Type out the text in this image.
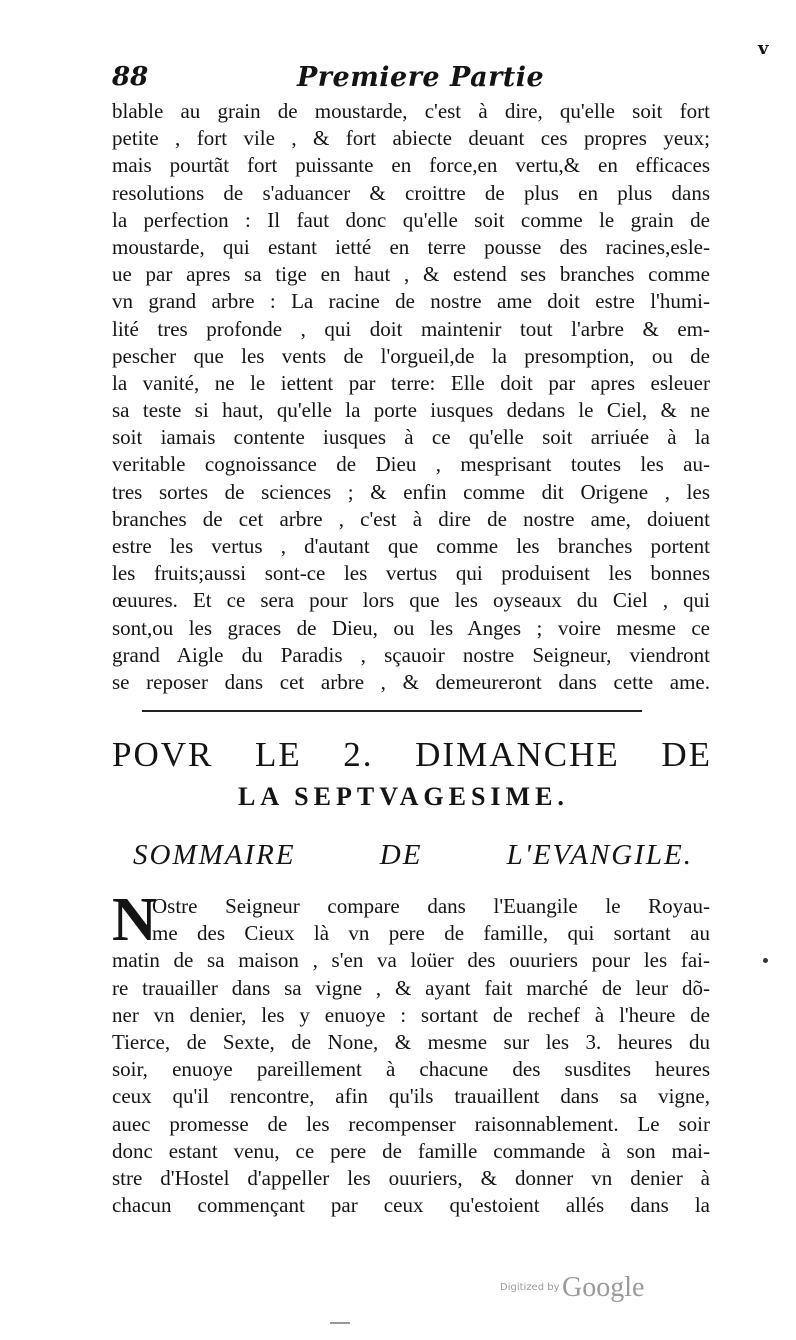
v
88	Premiere Partie
blable au grain de moustarde, c'est à dire, qu'elle soit fort
petite , fort vile , & fort abiecte deuant ces propres yeux;
mais pourtãt fort puissante en force,en vertu,& en efficaces
resolutions de s'aduancer & croittre de plus en plus dans
la perfection : Il faut donc qu'elle soit comme le grain de
moustarde, qui estant ietté en terre pousse des racines,esle-
ue par apres sa tige en haut , & estend ses branches comme
vn grand arbre : La racine de nostre ame doit estre l'humi-
lité tres profonde , qui doit maintenir tout l'arbre & em-
pescher que les vents de l'orgueil,de la presomption, ou de
la vanité, ne le iettent par terre: Elle doit par apres esleuer
sa teste si haut, qu'elle la porte iusques dedans le Ciel, & ne
soit iamais contente iusques à ce qu'elle soit arriuée à la
veritable cognoissance de Dieu , mesprisant toutes les au-
tres sortes de sciences ; & enfin comme dit Origene , les
branches de cet arbre , c'est à dire de nostre ame, doiuent
estre les vertus , d'autant que comme les branches portent
les fruits;aussi sont-ce les vertus qui produisent les bonnes
œuures. Et ce sera pour lors que les oyseaux du Ciel , qui
sont,ou les graces de Dieu, ou les Anges ; voire mesme ce
grand Aigle du Paradis , sçauoir nostre Seigneur, viendront
se reposer dans cet arbre , & demeureront dans cette ame.
POVR LE 2. DIMANCHE DE
LA SEPTVAGESIME.
SOMMAIRE DE L'EVANGILE.
N
Ostre Seigneur compare dans l'Euangile le Royau-
me des Cieux là vn pere de famille, qui sortant au
matin de sa maison , s'en va loüer des ouuriers pour les fai-
re trauailler dans sa vigne , & ayant fait marché de leur dõ-
ner vn denier, les y enuoye : sortant de rechef à l'heure de
Tierce, de Sexte, de None, & mesme sur les 3. heures du
soir, enuoye pareillement à chacune des susdites heures
ceux qu'il rencontre, afin qu'ils trauaillent dans sa vigne,
auec promesse de les recompenser raisonnablement. Le soir
donc estant venu, ce pere de famille commande à son mai-
stre d'Hostel d'appeller les ouuriers, & donner vn denier à
chacun commençant par ceux qu'estoient allés dans la
Digitized by Google
